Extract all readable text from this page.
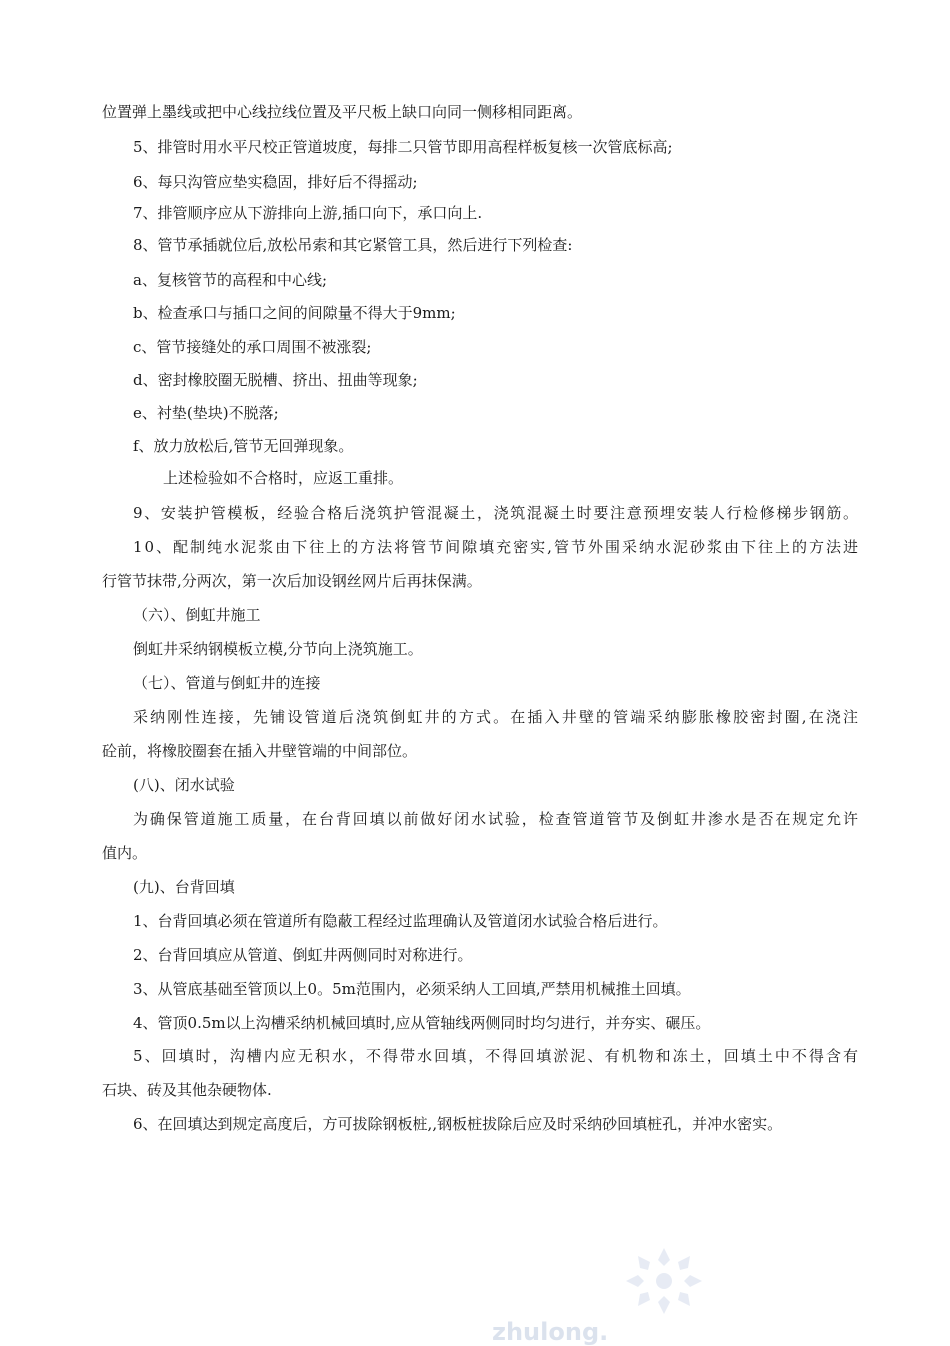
位置弹上墨线或把中心线拉线位置及平尺板上缺口向同一侧移相同距离。
5、排管时用水平尺校正管道坡度，每排二只管节即用高程样板复核一次管底标高;
6、每只沟管应垫实稳固，排好后不得摇动;
7、排管顺序应从下游排向上游,插口向下，承口向上.
8、管节承插就位后,放松吊索和其它紧管工具，然后进行下列检查:
a、复核管节的高程和中心线;
b、检查承口与插口之间的间隙量不得大于9mm;
c、管节接缝处的承口周围不被涨裂;
d、密封橡胶圈无脱槽、挤出、扭曲等现象;
e、衬垫(垫块)不脱落;
f、放力放松后,管节无回弹现象。
上述检验如不合格时，应返工重排。
9、安装护管模板，经验合格后浇筑护管混凝土，浇筑混凝土时要注意预埋安装人行检修梯步钢筋。
10、配制纯水泥浆由下往上的方法将管节间隙填充密实,管节外围采纳水泥砂浆由下往上的方法进
行管节抹带,分两次，第一次后加设钢丝网片后再抹保满。
（六）、倒虹井施工
倒虹井采纳钢模板立模,分节向上浇筑施工。
（七）、管道与倒虹井的连接
采纳刚性连接，先铺设管道后浇筑倒虹井的方式。在插入井壁的管端采纳膨胀橡胶密封圈,在浇注
砼前，将橡胶圈套在插入井壁管端的中间部位。
(八)、闭水试验
为确保管道施工质量，在台背回填以前做好闭水试验，检查管道管节及倒虹井渗水是否在规定允许
值内。
(九)、台背回填
1、台背回填必须在管道所有隐蔽工程经过监理确认及管道闭水试验合格后进行。
2、台背回填应从管道、倒虹井两侧同时对称进行。
3、从管底基础至管顶以上0。5m范围内，必须采纳人工回填,严禁用机械推土回填。
4、管顶0.5m以上沟槽采纳机械回填时,应从管轴线两侧同时均匀进行，并夯实、碾压。
5、回填时，沟槽内应无积水，不得带水回填，不得回填淤泥、有机物和冻土，回填土中不得含有
石块、砖及其他杂硬物体.
6、在回填达到规定高度后，方可拔除钢板桩,,钢板桩拔除后应及时采纳砂回填桩孔，并冲水密实。
zhulong.
